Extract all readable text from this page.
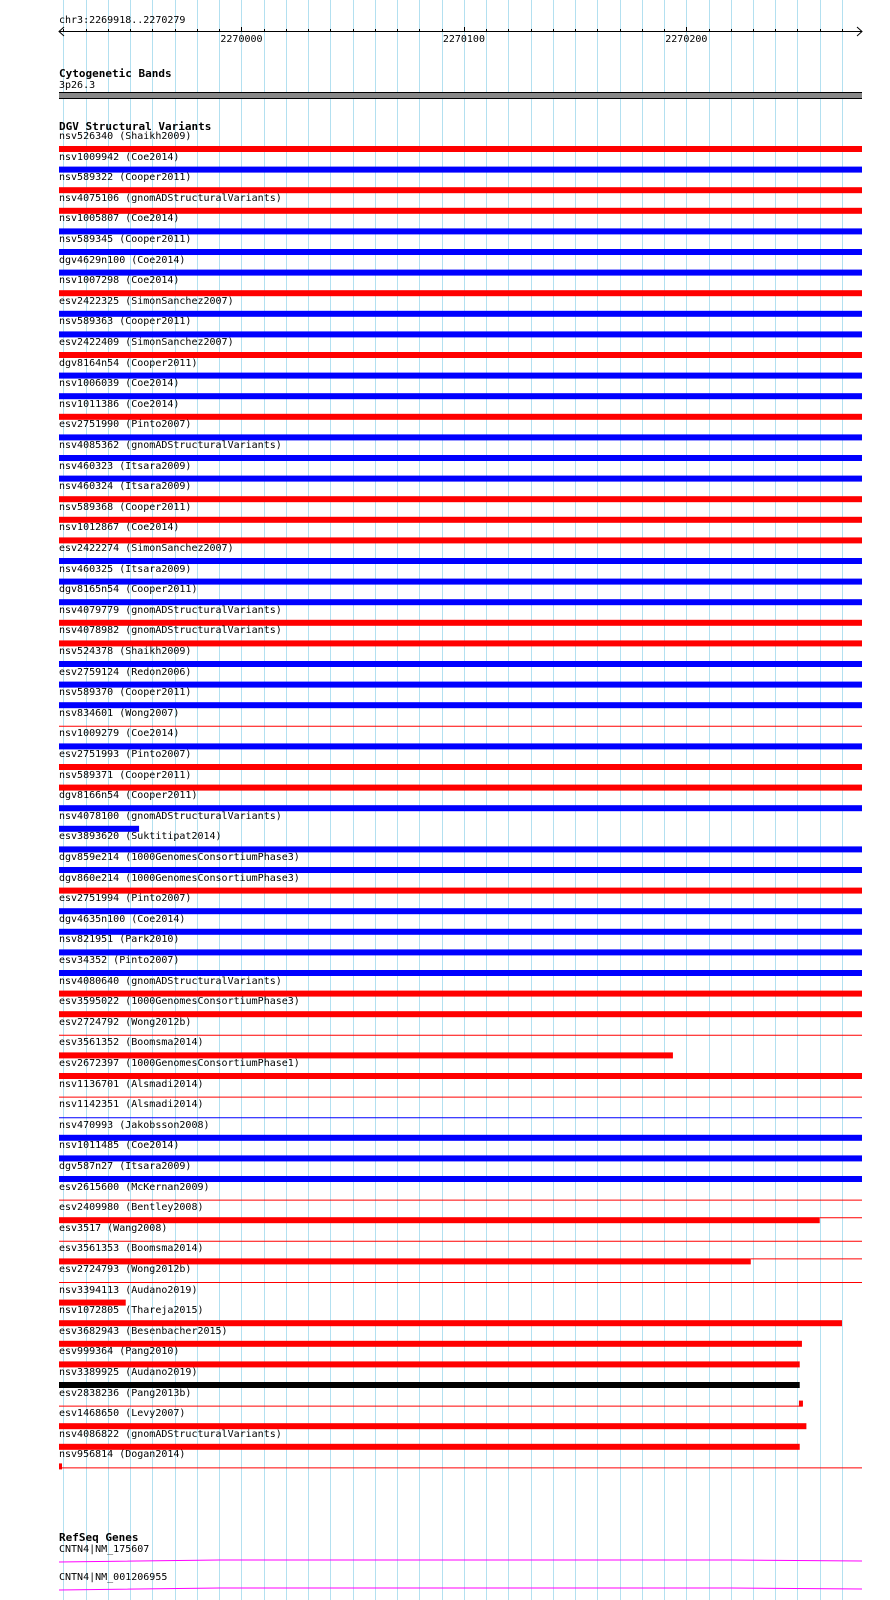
chr3:2269918..2270279
Cytogenetic Bands
3p26.3
DGV Structural Variants
RefSeq Genes
2270000	2270100	2270200
nsv526340 (Shaikh2009)
nsv1009942 (Coe2014)
nsv589322 (Cooper2011)
nsv4075106 (gnomADStructuralVariants)
nsv1005807 (Coe2014)
nsv589345 (Cooper2011)
dgv4629n100 (Coe2014)
nsv1007298 (Coe2014)
esv2422325 (SimonSanchez2007)
nsv589363 (Cooper2011)
esv2422409 (SimonSanchez2007)
dgv8164n54 (Cooper2011)
nsv1006039 (Coe2014)
nsv1011386 (Coe2014)
esv2751990 (Pinto2007)
nsv4085362 (gnomADStructuralVariants)
nsv460323 (Itsara2009)
nsv460324 (Itsara2009)
nsv589368 (Cooper2011)
nsv1012867 (Coe2014)
esv2422274 (SimonSanchez2007)
nsv460325 (Itsara2009)
dgv8165n54 (Cooper2011)
nsv4079779 (gnomADStructuralVariants)
nsv4078982 (gnomADStructuralVariants)
nsv524378 (Shaikh2009)
esv2759124 (Redon2006)
nsv589370 (Cooper2011)
nsv834601 (Wong2007)
nsv1009279 (Coe2014)
esv2751993 (Pinto2007)
nsv589371 (Cooper2011)
dgv8166n54 (Cooper2011)
nsv4078100 (gnomADStructuralVariants)
esv3893620 (Suktitipat2014)
dgv859e214 (1000GenomesConsortiumPhase3)
dgv860e214 (1000GenomesConsortiumPhase3)
esv2751994 (Pinto2007)
dgv4635n100 (Coe2014)
nsv821951 (Park2010)
esv34352 (Pinto2007)
nsv4080640 (gnomADStructuralVariants)
esv3595022 (1000GenomesConsortiumPhase3)
esv2724792 (Wong2012b)
esv3561352 (Boomsma2014)
esv2672397 (1000GenomesConsortiumPhase1)
nsv1136701 (Alsmadi2014)
nsv1142351 (Alsmadi2014)
nsv470993 (Jakobsson2008)
nsv1011485 (Coe2014)
dgv587n27 (Itsara2009)
esv2615600 (McKernan2009)
esv2409980 (Bentley2008)
esv3517 (Wang2008)
esv3561353 (Boomsma2014)
esv2724793 (Wong2012b)
nsv3394113 (Audano2019)
nsv1072805 (Thareja2015)
esv3682943 (Besenbacher2015)
esv999364 (Pang2010)
nsv3389925 (Audano2019)
esv2838236 (Pang2013b)
esv1468650 (Levy2007)
nsv4086822 (gnomADStructuralVariants)
nsv956814 (Dogan2014)
CNTN4|NM_175607
CNTN4|NM_001206955
